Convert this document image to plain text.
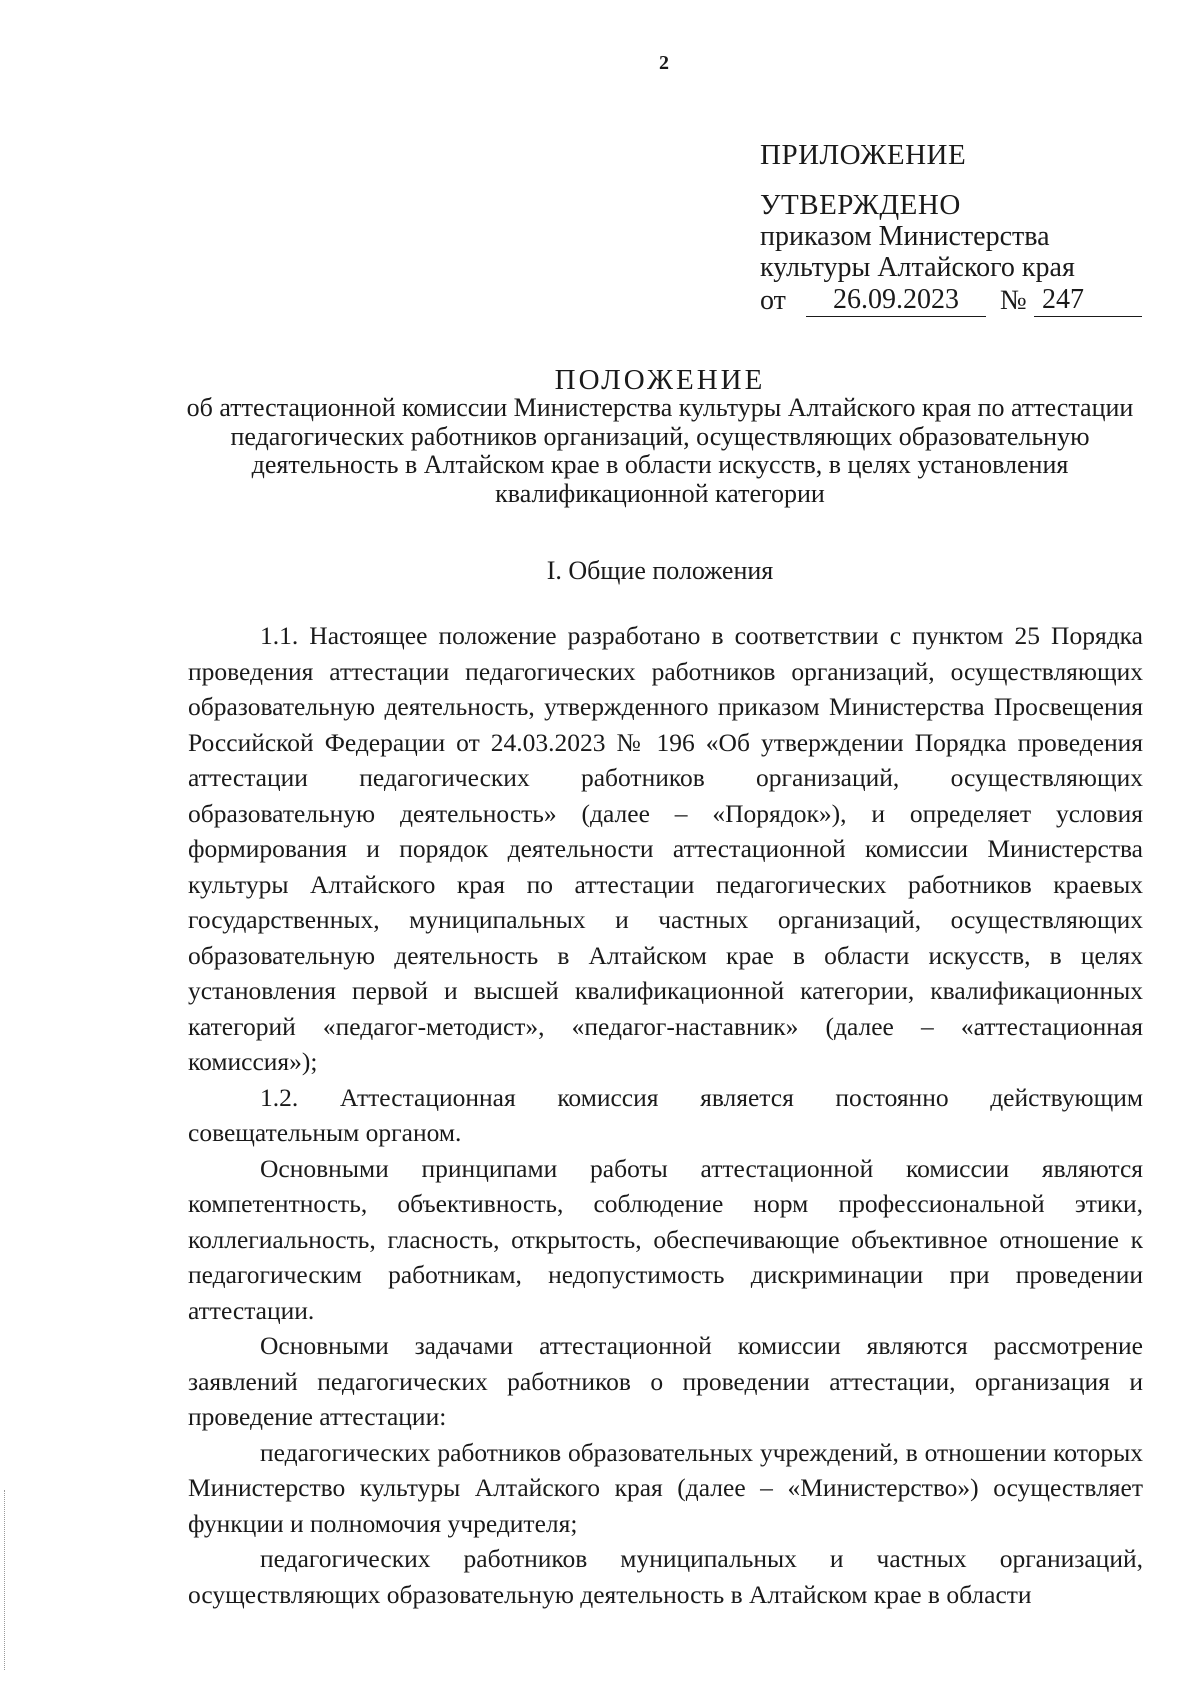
2
ПРИЛОЖЕНИЕ
УТВЕРЖДЕНО
приказом Министерства
культуры Алтайского края
от	26.09.2023	№ 247
ПОЛОЖЕНИЕ
об аттестационной комиссии Министерства культуры Алтайского края по аттестации педагогических работников организаций, осуществляющих образовательную деятельность в Алтайском крае в области искусств, в целях установления квалификационной категории
I. Общие положения

1.1. Настоящее положение разработано в соответствии с пунктом 25 Порядка проведения аттестации педагогических работников организаций, осуществляющих образовательную деятельность, утвержденного приказом Министерства Просвещения Российской Федерации от 24.03.2023 № 196 «Об утверждении Порядка проведения аттестации педагогических работников организаций, осуществляющих образовательную деятельность» (далее – «Порядок»), и определяет условия формирования и порядок деятельности аттестационной комиссии Министерства культуры Алтайского края по аттестации педагогических работников краевых государственных, муниципальных и частных организаций, осуществляющих образовательную деятельность в Алтайском крае в области искусств, в целях установления первой и высшей квалификационной категории, квалификационных категорий «педагог-методист», «педагог-наставник» (далее – «аттестационная комиссия»);

1.2. Аттестационная комиссия является постоянно действующим совещательным органом.

Основными принципами работы аттестационной комиссии являются компетентность, объективность, соблюдение норм профессиональной этики, коллегиальность, гласность, открытость, обеспечивающие объективное отношение к педагогическим работникам, недопустимость дискриминации при проведении аттестации.

Основными задачами аттестационной комиссии являются рассмотрение заявлений педагогических работников о проведении аттестации, организация и проведение аттестации:

педагогических работников образовательных учреждений, в отношении которых Министерство культуры Алтайского края (далее – «Министерство») осуществляет функции и полномочия учредителя;

педагогических работников муниципальных и частных организаций, осуществляющих образовательную деятельность в Алтайском крае в области
